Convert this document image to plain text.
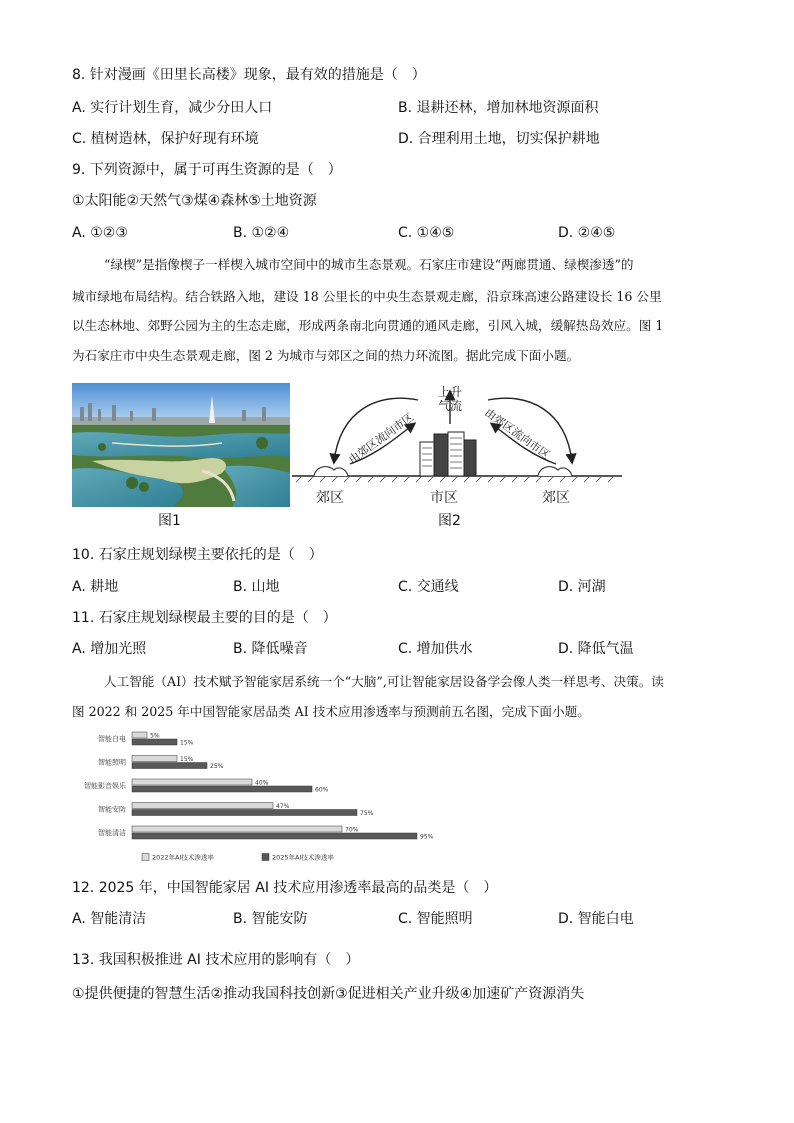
8. 针对漫画《田里长高楼》现象，最有效的措施是（　）
A. 实行计划生育，减少分田人口	B. 退耕还林，增加林地资源面积
C. 植树造林，保护好现有环境	D. 合理利用土地，切实保护耕地
9. 下列资源中，属于可再生资源的是（　）
①太阳能②天然气③煤④森林⑤土地资源
A. ①②③	B. ①②④	C. ①④⑤	D. ②④⑤
“绿楔”是指像楔子一样楔入城市空间中的城市生态景观。石家庄市建设“两廊贯通、绿楔渗透”的
城市绿地布局结构。结合铁路入地，建设 18 公里长的中央生态景观走廊，沿京珠高速公路建设长 16 公里
以生态林地、郊野公园为主的生态走廊，形成两条南北向贯通的通风走廊，引风入城，缓解热岛效应。图 1
为石家庄市中央生态景观走廊，图 2 为城市与郊区之间的热力环流图。据此完成下面小题。
图1
上升
气流
由郊区流向市区	由郊区流向市区
郊区	市区	郊区
图2
10. 石家庄规划绿楔主要依托的是（　）
A. 耕地	B. 山地	C. 交通线	D. 河湖
11. 石家庄规划绿楔最主要的目的是（　）
A. 增加光照	B. 降低噪音	C. 增加供水	D. 降低气温
人工智能（AI）技术赋予智能家居系统一个“大脑”,可让智能家居设备学会像人类一样思考、决策。读
图 2022 和 2025 年中国智能家居品类 AI 技术应用渗透率与预测前五名图，完成下面小题。
智能白电	5%
15%
智能照明	15%
25%
智能影音娱乐	40%
60%
智能安防	47%
75%
智能清洁	70%
95%
2022年AI技术渗透率	2025年AI技术渗透率
12. 2025 年，中国智能家居 AI 技术应用渗透率最高的品类是（　）
A. 智能清洁	B. 智能安防	C. 智能照明	D. 智能白电
13. 我国积极推进 AI 技术应用的影响有（　）
①提供便捷的智慧生活②推动我国科技创新③促进相关产业升级④加速矿产资源消失
